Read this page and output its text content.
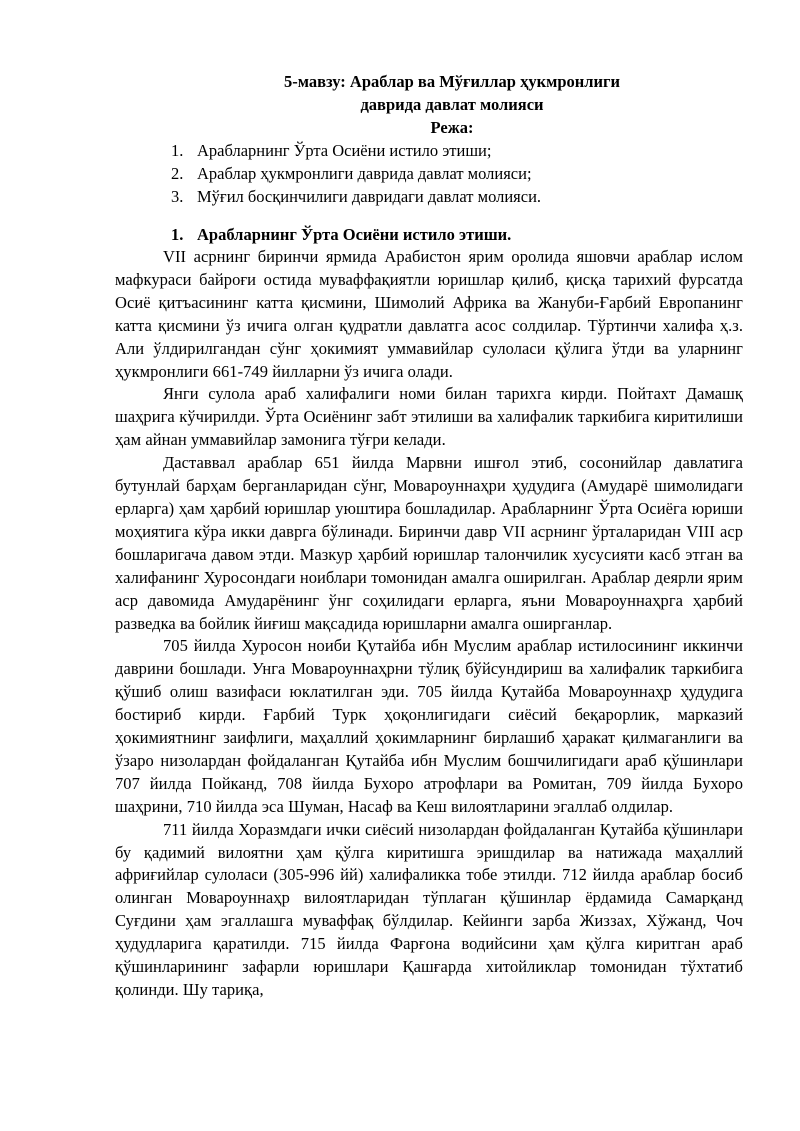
5-мавзу: Араблар ва Мўғиллар ҳукмронлиги
даврида давлат молияси
Режа:
1. Арабларнинг Ўрта Осиёни истило этиши;
2. Араблар ҳукмронлиги даврида давлат молияси;
3. Мўғил босқинчилиги давридаги давлат молияси.
1. Арабларнинг Ўрта Осиёни истило этиши.

VII асрнинг биринчи ярмида Арабистон ярим оролида яшовчи араблар ислом мафкураси байроғи остида муваффақиятли юришлар қилиб, қисқа тарихий фурсатда Осиё қитъасининг катта қисмини, Шимолий Африка ва Жануби-Ғарбий Европанинг катта қисмини ўз ичига олган қудратли давлатга асос солдилар. Тўртинчи халифа ҳ.з. Али ўлдирилгандан сўнг ҳокимият уммавийлар сулоласи қўлига ўтди ва уларнинг ҳукмронлиги 661-749 йилларни ўз ичига олади.

Янги сулола араб халифалиги номи билан тарихга кирди. Пойтахт Дамашқ шаҳрига кўчирилди. Ўрта Осиёнинг забт этилиши ва халифалик таркибига киритилиши ҳам айнан уммавийлар замонига тўғри келади.

Даставвал араблар 651 йилда Марвни ишғол этиб, сосонийлар давлатига бутунлай барҳам берганларидан сўнг, Мовароуннаҳри ҳудудига (Амударё шимолидаги ерларга) ҳам ҳарбий юришлар уюштира бошладилар. Арабларнинг Ўрта Осиёга юриши моҳиятига кўра икки даврга бўлинади. Биринчи давр VII асрнинг ўрталаридан VIII аср бошларигача давом этди. Мазкур ҳарбий юришлар талончилик хусусияти касб этган ва халифанинг Хуросондаги ноиблари томонидан амалга оширилган. Араблар деярли ярим аср давомида Амударёнинг ўнг соҳилидаги ерларга, яъни Мовароуннаҳрга ҳарбий разведка ва бойлик йиғиш мақсадида юришларни амалга оширганлар.

705 йилда Хуросон ноиби Қутайба ибн Муслим араблар истилосининг иккинчи даврини бошлади. Унга Мовароуннаҳрни тўлиқ бўйсундириш ва халифалик таркибига қўшиб олиш вазифаси юклатилган эди. 705 йилда Қутайба Мовароуннаҳр ҳудудига бостириб кирди. Ғарбий Турк ҳоқонлигидаги сиёсий беқарорлик, марказий ҳокимиятнинг заифлиги, маҳаллий ҳокимларнинг бирлашиб ҳаракат қилмаганлиги ва ўзаро низолардан фойдаланган Қутайба ибн Муслим бошчилигидаги араб қўшинлари 707 йилда Пойканд, 708 йилда Бухоро атрофлари ва Ромитан, 709 йилда Бухоро шаҳрини, 710 йилда эса Шуман, Насаф ва Кеш вилоятларини эгаллаб олдилар.

711 йилда Хоразмдаги ички сиёсий низолардан фойдаланган Қутайба қўшинлари бу қадимий вилоятни ҳам қўлга киритишга эришдилар ва натижада маҳаллий африғийлар сулоласи (305-996 йй) халифаликка тобе этилди. 712 йилда араблар босиб олинган Мовароуннаҳр вилоятларидан тўплаган қўшинлар ёрдамида Самарқанд Суғдини ҳам эгаллашга муваффақ бўлдилар. Кейинги зарба Жиззах, Хўжанд, Чоч ҳудудларига қаратилди. 715 йилда Фарғона водийсини ҳам қўлга киритган араб қўшинларининг зафарли юришлари Қашғарда хитойликлар томонидан тўхтатиб қолинди. Шу тариқа,
